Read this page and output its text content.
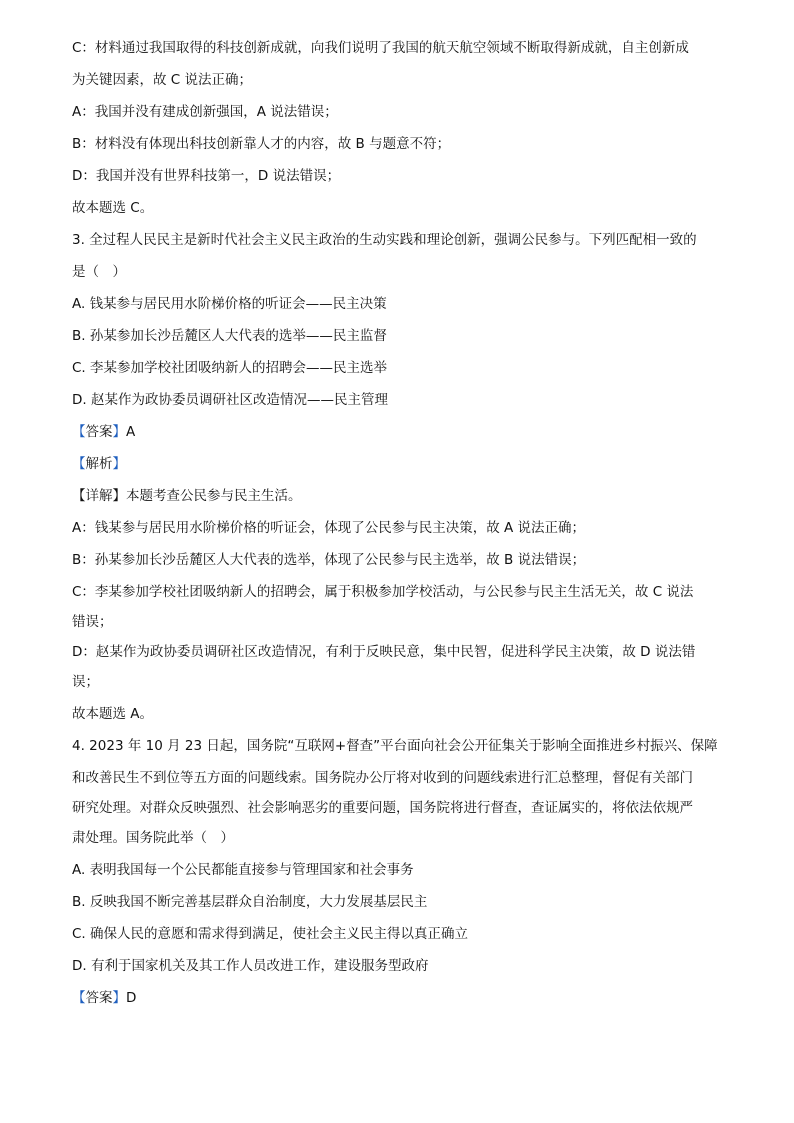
C：材料通过我国取得的科技创新成就，向我们说明了我国的航天航空领域不断取得新成就，自主创新成
为关键因素，故 C 说法正确；
A：我国并没有建成创新强国，A 说法错误；
B：材料没有体现出科技创新靠人才的内容，故 B 与题意不符；
D：我国并没有世界科技第一，D 说法错误；
故本题选 C。
3. 全过程人民民主是新时代社会主义民主政治的生动实践和理论创新，强调公民参与。下列匹配相一致的
是（　）
A. 钱某参与居民用水阶梯价格的听证会——民主决策
B. 孙某参加长沙岳麓区人大代表的选举——民主监督
C. 李某参加学校社团吸纳新人的招聘会——民主选举
D. 赵某作为政协委员调研社区改造情况——民主管理
【答案】A
【解析】
【详解】本题考查公民参与民主生活。
A：钱某参与居民用水阶梯价格的听证会，体现了公民参与民主决策，故 A 说法正确；
B：孙某参加长沙岳麓区人大代表的选举，体现了公民参与民主选举，故 B 说法错误；
C：李某参加学校社团吸纳新人的招聘会，属于积极参加学校活动，与公民参与民主生活无关，故 C 说法
错误；
D：赵某作为政协委员调研社区改造情况，有利于反映民意，集中民智，促进科学民主决策，故 D 说法错
误；
故本题选 A。
4. 2023 年 10 月 23 日起，国务院“互联网+督查”平台面向社会公开征集关于影响全面推进乡村振兴、保障
和改善民生不到位等五方面的问题线索。国务院办公厅将对收到的问题线索进行汇总整理，督促有关部门
研究处理。对群众反映强烈、社会影响恶劣的重要问题，国务院将进行督查，查证属实的，将依法依规严
肃处理。国务院此举（　）
A. 表明我国每一个公民都能直接参与管理国家和社会事务
B. 反映我国不断完善基层群众自治制度，大力发展基层民主
C. 确保人民的意愿和需求得到满足，使社会主义民主得以真正确立
D. 有利于国家机关及其工作人员改进工作，建设服务型政府
【答案】D
